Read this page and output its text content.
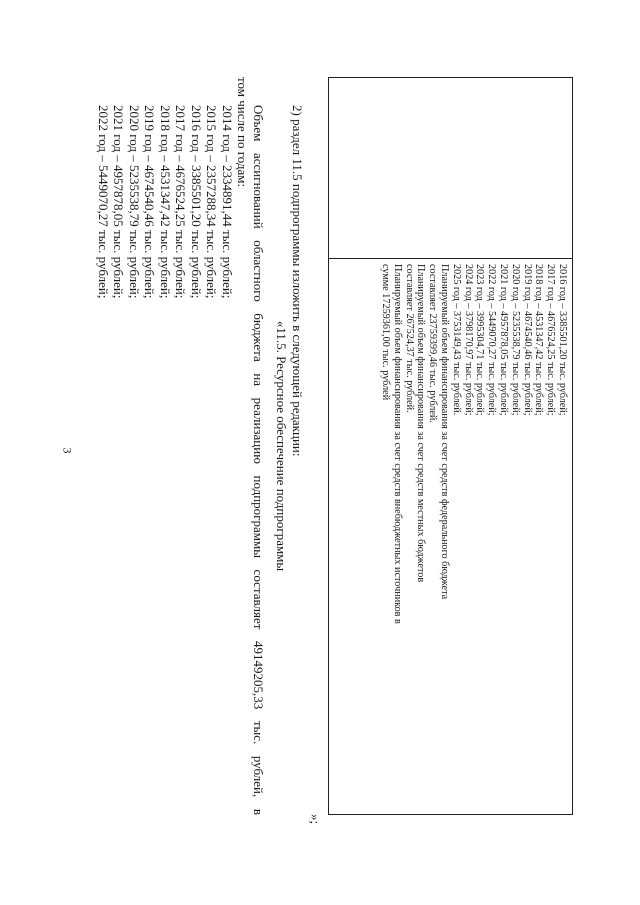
3
2016 год – 3385501,20 тыс. рублей;
2017 год – 4676524,25 тыс. рублей;
2018 год – 4531347,42 тыс. рублей;
2019 год – 4674540,46 тыс. рублей;
2020 год – 5235538,79 тыс. рублей;
2021 год – 4957878,05 тыс. рублей;
2022 год – 5449070,27 тыс. рублей;
2023 год – 3995304,71 тыс. рублей;
2024 год – 3798170,97 тыс. рублей;
2025 год – 3753149,43 тыс. рублей.
Планируемый объем финансирования за счет средств федерального бюджета
составляет 23759399,46 тыс. рублей.
Планируемый объем финансирования за счет средств местных бюджетов
составляет 267524,37 тыс. рублей.
Планируемый объем финансирования за счет средств внебюджетных источников в
сумме 17259361,00 тыс. рублей
»;
2) раздел 11.5 подпрограммы изложить в следующей редакции:
«11.5. Ресурсное обеспечение подпрограммы
Объем ассигнований областного бюджета на реализацию подпрограммы составляет 49149205,33 тыс. рублей, в
том числе по годам:
2014 год – 2334891,44 тыс. рублей;
2015 год – 2357288,34 тыс. рублей;
2016 год – 3385501,20 тыс. рублей;
2017 год – 4676524,25 тыс. рублей;
2018 год – 4531347,42 тыс. рублей;
2019 год – 4674540,46 тыс. рублей;
2020 год – 5235538,79 тыс. рублей;
2021 год – 4957878,05 тыс. рублей;
2022 год – 5449070,27 тыс. рублей;
